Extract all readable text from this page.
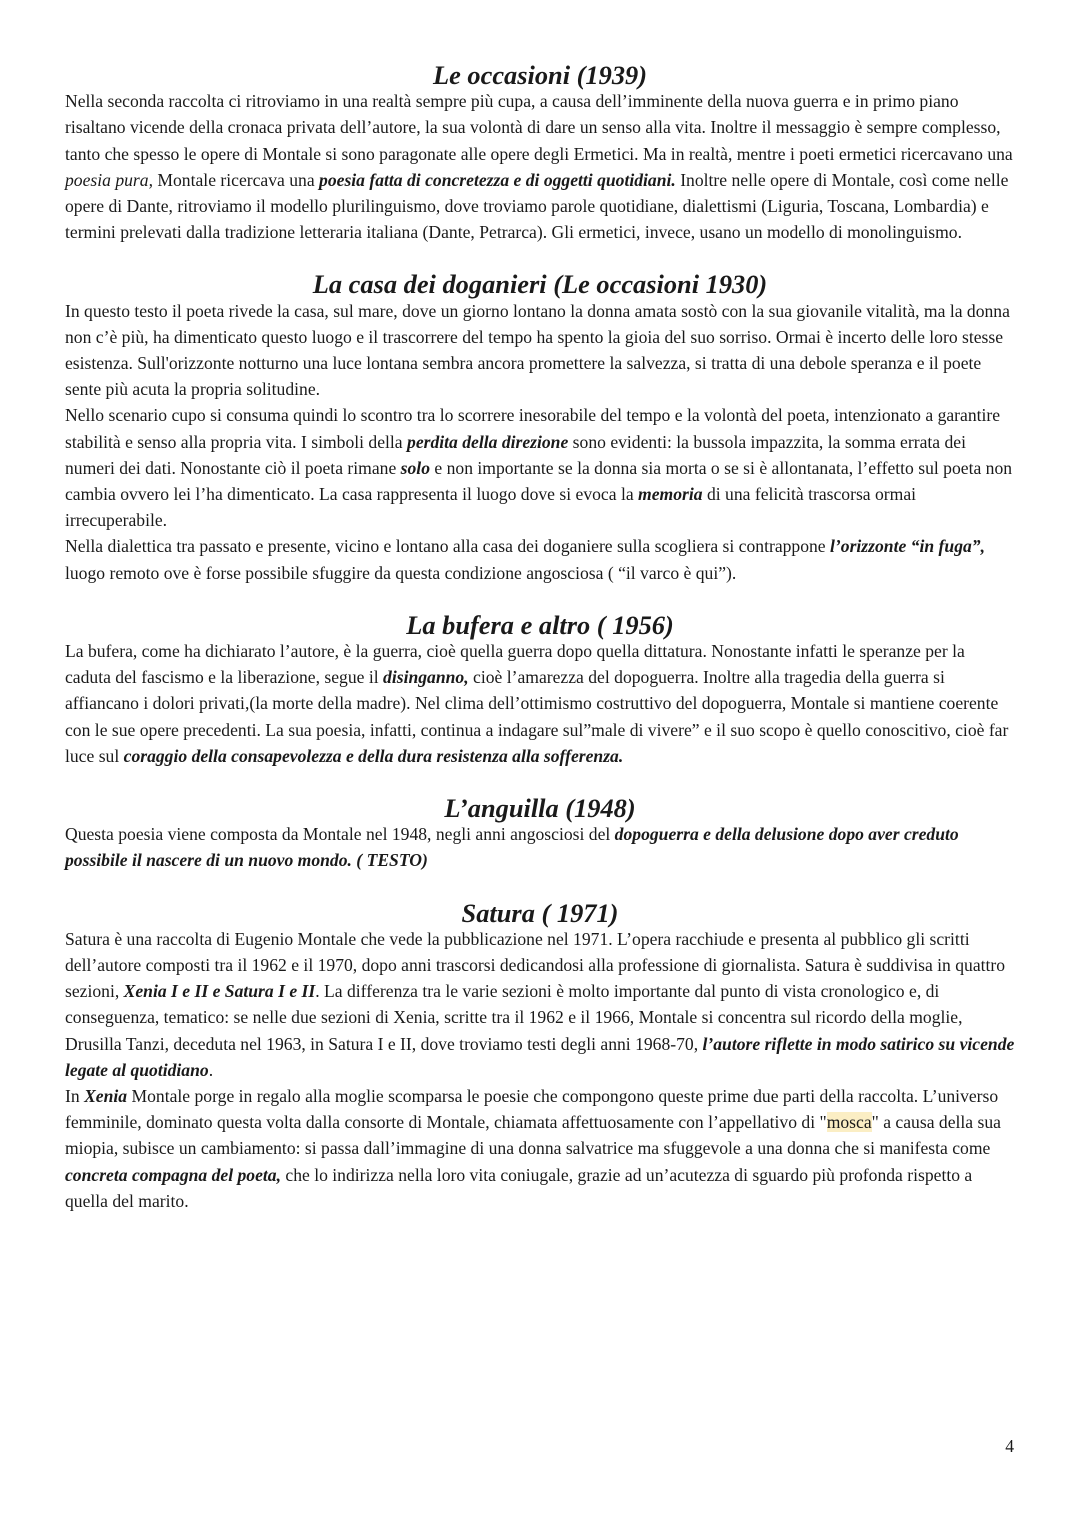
Le occasioni (1939)

Nella seconda raccolta ci ritroviamo in una realtà sempre più cupa, a causa dell’imminente della nuova guerra e in primo piano risaltano vicende della cronaca privata dell’autore, la sua volontà di dare un senso alla vita. Inoltre il messaggio è sempre complesso, tanto che spesso le opere di Montale si sono paragonate alle opere degli Ermetici. Ma in realtà, mentre i poeti ermetici ricercavano una poesia pura, Montale ricercava una poesia fatta di concretezza e di oggetti quotidiani. Inoltre nelle opere di Montale, così come nelle opere di Dante, ritroviamo il modello plurilinguismo, dove troviamo parole quotidiane, dialettismi (Liguria, Toscana, Lombardia) e termini prelevati dalla tradizione letteraria italiana (Dante, Petrarca). Gli ermetici, invece, usano un modello di monolinguismo.

La casa dei doganieri (Le occasioni 1930)

In questo testo il poeta rivede la casa, sul mare, dove un giorno lontano la donna amata sostò con la sua giovanile vitalità, ma la donna non c’è più, ha dimenticato questo luogo e il trascorrere del tempo ha spento la gioia del suo sorriso. Ormai è incerto delle loro stesse esistenza. Sull'orizzonte notturno una luce lontana sembra ancora promettere la salvezza, si tratta di una debole speranza e il poete sente più acuta la propria solitudine.

Nello scenario cupo si consuma quindi lo scontro tra lo scorrere inesorabile del tempo e la volontà del poeta, intenzionato a garantire stabilità e senso alla propria vita. I simboli della perdita della direzione sono evidenti: la bussola impazzita, la somma errata dei numeri dei dati. Nonostante ciò il poeta rimane solo e non importante se la donna sia morta o se si è allontanata, l’effetto sul poeta non cambia ovvero lei l’ha dimenticato. La casa rappresenta il luogo dove si evoca la memoria di una felicità trascorsa ormai irrecuperabile.

Nella dialettica tra passato e presente, vicino e lontano alla casa dei doganiere sulla scogliera si contrappone l’orizzonte “in fuga”, luogo remoto ove è forse possibile sfuggire da questa condizione angosciosa ( “il varco è qui”).

La bufera e altro ( 1956)

La bufera, come ha dichiarato l’autore, è la guerra, cioè quella guerra dopo quella dittatura. Nonostante infatti le speranze per la caduta del fascismo e la liberazione, segue il disinganno, cioè l’amarezza del dopoguerra. Inoltre alla tragedia della guerra si affiancano i dolori privati,(la morte della madre). Nel clima dell’ottimismo costruttivo del dopoguerra, Montale si mantiene coerente con le sue opere precedenti. La sua poesia, infatti, continua a indagare sul”male di vivere” e il suo scopo è quello conoscitivo, cioè far luce sul coraggio della consapevolezza e della dura resistenza alla sofferenza.

L’anguilla (1948)

Questa poesia viene composta da Montale nel 1948, negli anni angosciosi del dopoguerra e della delusione dopo aver creduto possibile il nascere di un nuovo mondo. ( TESTO)

Satura ( 1971)

Satura è una raccolta di Eugenio Montale che vede la pubblicazione nel 1971. L’opera racchiude e presenta al pubblico gli scritti dell’autore composti tra il 1962 e il 1970, dopo anni trascorsi dedicandosi alla professione di giornalista. Satura è suddivisa in quattro sezioni, Xenia I e II e Satura I e II. La differenza tra le varie sezioni è molto importante dal punto di vista cronologico e, di conseguenza, tematico: se nelle due sezioni di Xenia, scritte tra il 1962 e il 1966, Montale si concentra sul ricordo della moglie, Drusilla Tanzi, deceduta nel 1963, in Satura I e II, dove troviamo testi degli anni 1968-70, l’autore riflette in modo satirico su vicende legate al quotidiano.

In Xenia Montale porge in regalo alla moglie scomparsa le poesie che compongono queste prime due parti della raccolta. L’universo femminile, dominato questa volta dalla consorte di Montale, chiamata affettuosamente con l’appellativo di "mosca" a causa della sua miopia, subisce un cambiamento: si passa dall’immagine di una donna salvatrice ma sfuggevole a una donna che si manifesta come concreta compagna del poeta, che lo indirizza nella loro vita coniugale, grazie ad un’acutezza di sguardo più profonda rispetto a quella del marito.

4
